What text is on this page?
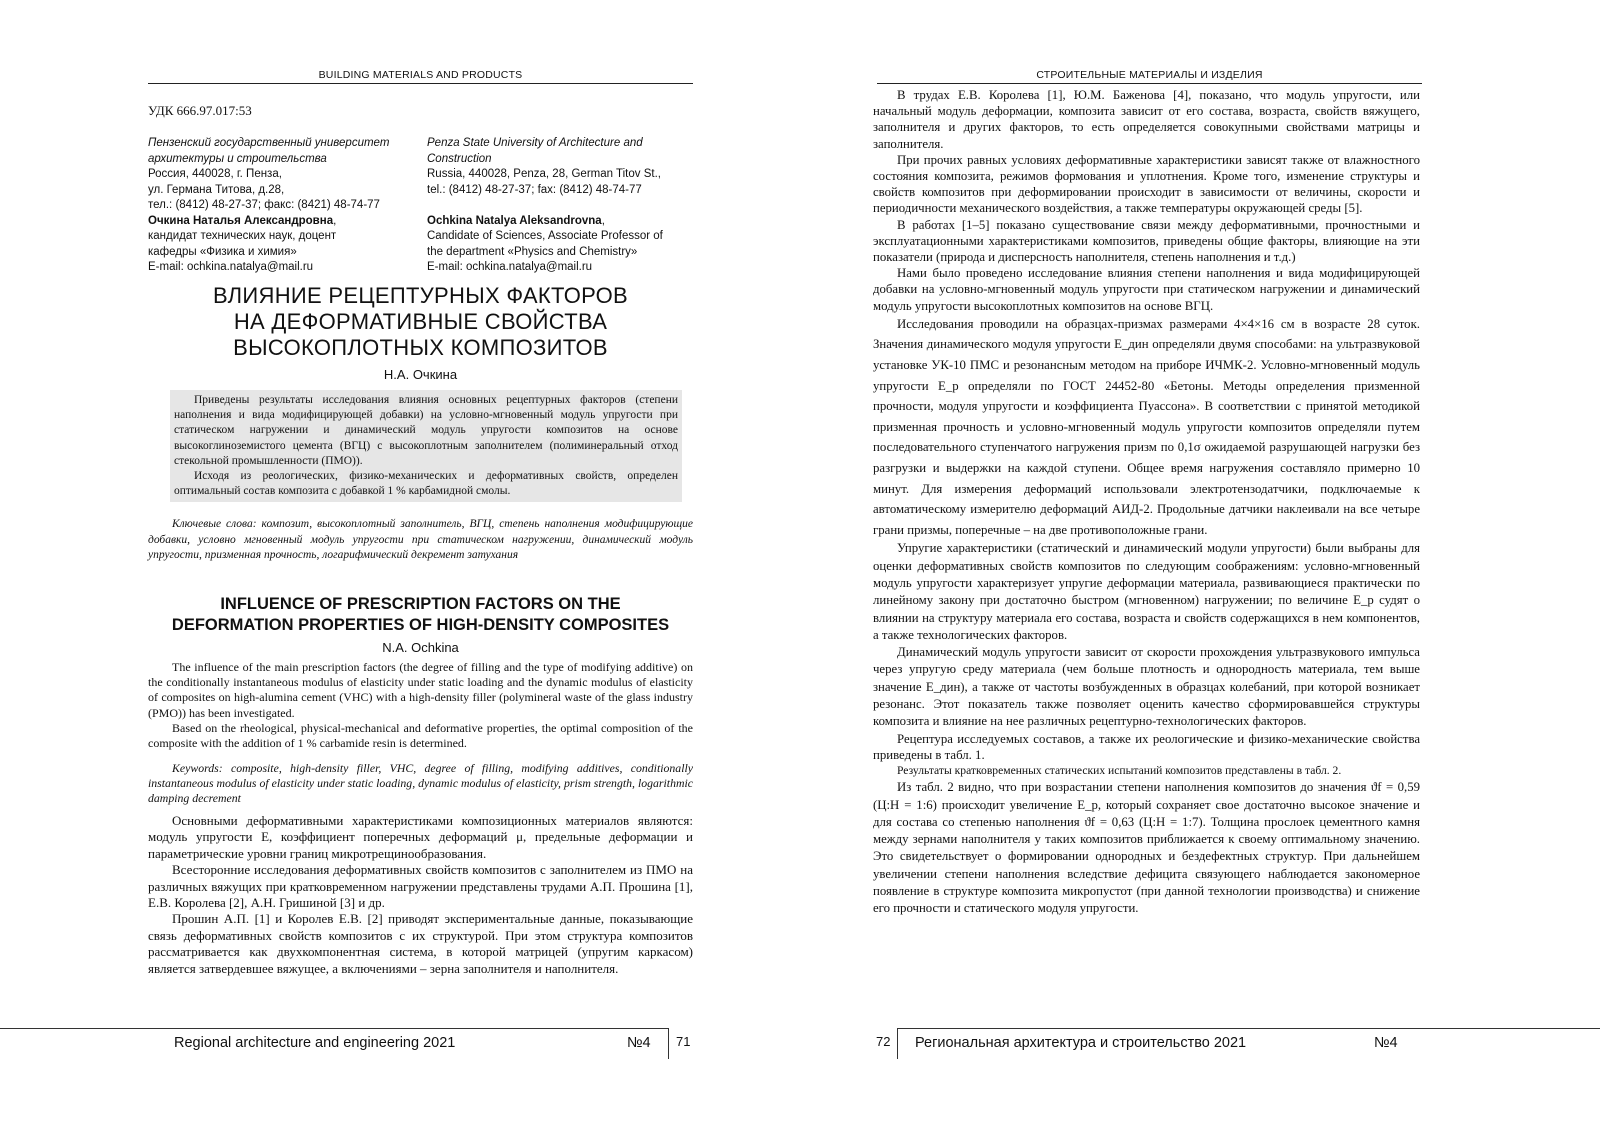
BUILDING MATERIALS AND PRODUCTS
УДК 666.97.017:53
Пензенский государственный университет архитектуры и строительства
Россия, 440028, г. Пенза,
ул. Германа Титова, д.28,
тел.: (8412) 48-27-37; факс: (8421) 48-74-77
Очкина Наталья Александровна,
кандидат технических наук, доцент
кафедры «Физика и химия»
E-mail: ochkina.natalya@mail.ru
Penza State University of Architecture and Construction
Russia, 440028, Penza, 28, German Titov St.,
tel.: (8412) 48-27-37; fax: (8412) 48-74-77
Ochkina Natalya Aleksandrovna,
Candidate of Sciences, Associate Professor of
the department «Physics and Chemistry»
E-mail: ochkina.natalya@mail.ru
ВЛИЯНИЕ РЕЦЕПТУРНЫХ ФАКТОРОВ
НА ДЕФОРМАТИВНЫЕ СВОЙСТВА
ВЫСОКОПЛОТНЫХ КОМПОЗИТОВ
Н.А. Очкина

Приведены результаты исследования влияния основных рецептурных факторов (степени наполнения и вида модифицирующей добавки) на условно-мгновенный модуль упругости при статическом нагружении и динамический модуль упругости композитов на основе высокоглиноземистого цемента (ВГЦ) с высокоплотным заполнителем (полиминеральный отход стекольной промышленности (ПМО)).

Исходя из реологических, физико-механических и деформативных свойств, определен оптимальный состав композита с добавкой 1 % карбамидной смолы.

Ключевые слова: композит, высокоплотный заполнитель, ВГЦ, степень наполнения модифицирующие добавки, условно мгновенный модуль упругости при статическом нагружении, динамический модуль упругости, призменная прочность, логарифмический декремент затухания
INFLUENCE OF PRESCRIPTION FACTORS ON THE
DEFORMATION PROPERTIES OF HIGH-DENSITY COMPOSITES
N.A. Ochkina

The influence of the main prescription factors (the degree of filling and the type of modifying additive) on the conditionally instantaneous modulus of elasticity under static loading and the dynamic modulus of elasticity of composites on high-alumina cement (VHC) with a high-density filler (polymineral waste of the glass industry (PMO)) has been investigated.

Based on the rheological, physical-mechanical and deformative properties, the optimal composition of the composite with the addition of 1 % carbamide resin is determined.

Keywords: composite, high-density filler, VHC, degree of filling, modifying additives, conditionally instantaneous modulus of elasticity under static loading, dynamic modulus of elasticity, prism strength, logarithmic damping decrement

Основными деформативными характеристиками композиционных материалов являются: модуль упругости E, коэффициент поперечных деформаций μ, предельные деформации и параметрические уровни границ микротрещинообразования.

Всесторонние исследования деформативных свойств композитов с заполнителем из ПМО на различных вяжущих при кратковременном нагружении представлены трудами А.П. Прошина [1], Е.В. Королева [2], А.Н. Гришиной [3] и др.

Прошин А.П. [1] и Королев Е.В. [2] приводят экспериментальные данные, показывающие связь деформативных свойств композитов с их структурой. При этом структура композитов рассматривается как двухкомпонентная система, в которой матрицей (упругим каркасом) является затвердевшее вяжущее, а включениями – зерна заполнителя и наполнителя.

Regional architecture and engineering 2021	№4 71
СТРОИТЕЛЬНЫЕ МАТЕРИАЛЫ И ИЗДЕЛИЯ

В трудах Е.В. Королева [1], Ю.М. Баженова [4], показано, что модуль упругости, или начальный модуль деформации, композита зависит от его состава, возраста, свойств вяжущего, заполнителя и других факторов, то есть определяется совокупными свойствами матрицы и заполнителя.

При прочих равных условиях деформативные характеристики зависят также от влажностного состояния композита, режимов формования и уплотнения. Кроме того, изменение структуры и свойств композитов при деформировании происходит в зависимости от величины, скорости и периодичности механического воздействия, а также температуры окружающей среды [5].

В работах [1–5] показано существование связи между деформативными, прочностными и эксплуатационными характеристиками композитов, приведены общие факторы, влияющие на эти показатели (природа и дисперсность наполнителя, степень наполнения и т.д.)

Нами было проведено исследование влияния степени наполнения и вида модифицирующей добавки на условно-мгновенный модуль упругости при статическом нагружении и динамический модуль упругости высокоплотных композитов на основе ВГЦ.

Исследования проводили на образцах-призмах размерами 4×4×16 см в возрасте 28 суток. Значения динамического модуля упругости E_дин определяли двумя способами: на ультразвуковой установке УК-10 ПМС и резонансным методом на приборе ИЧМК-2. Условно-мгновенный модуль упругости E_р определяли по ГОСТ 24452-80 «Бетоны. Методы определения призменной прочности, модуля упругости и коэффициента Пуассона». В соответствии с принятой методикой призменная прочность и условно-мгновенный модуль упругости композитов определяли путем последовательного ступенчатого нагружения призм по 0,1σ ожидаемой разрушающей нагрузки без разгрузки и выдержки на каждой ступени. Общее время нагружения составляло примерно 10 минут. Для измерения деформаций использовали электротензодатчики, подключаемые к автоматическому измерителю деформаций АИД-2. Продольные датчики наклеивали на все четыре грани призмы, поперечные – на две противоположные грани.

Упругие характеристики (статический и динамический модули упругости) были выбраны для оценки деформативных свойств композитов по следующим соображениям: условно-мгновенный модуль упругости характеризует упругие деформации материала, развивающиеся практически по линейному закону при достаточно быстром (мгновенном) нагружении; по величине E_р судят о влиянии на структуру материала его состава, возраста и свойств содержащихся в нем компонентов, а также технологических факторов.

Динамический модуль упругости зависит от скорости прохождения ультразвукового импульса через упругую среду материала (чем больше плотность и однородность материала, тем выше значение E_дин), а также от частоты возбужденных в образцах колебаний, при которой возникает резонанс. Этот показатель также позволяет оценить качество сформировавшейся структуры композита и влияние на нее различных рецептурно-технологических факторов.

Рецептура исследуемых составов, а также их реологические и физико-механические свойства приведены в табл. 1.

Результаты кратковременных статических испытаний композитов представлены в табл. 2.

Из табл. 2 видно, что при возрастании степени наполнения композитов до значения ϑf = 0,59 (Ц:Н = 1:6) происходит увеличение E_р, который сохраняет свое достаточно высокое значение и для состава со степенью наполнения ϑf = 0,63 (Ц:Н = 1:7). Толщина прослоек цементного камня между зернами наполнителя у таких композитов приближается к своему оптимальному значению. Это свидетельствует о формировании однородных и бездефектных структур. При дальнейшем увеличении степени наполнения вследствие дефицита связующего наблюдается закономерное появление в структуре композита микропустот (при данной технологии производства) и снижение его прочности и статического модуля упругости.

72 Региональная архитектура и строительство 2021	№4
